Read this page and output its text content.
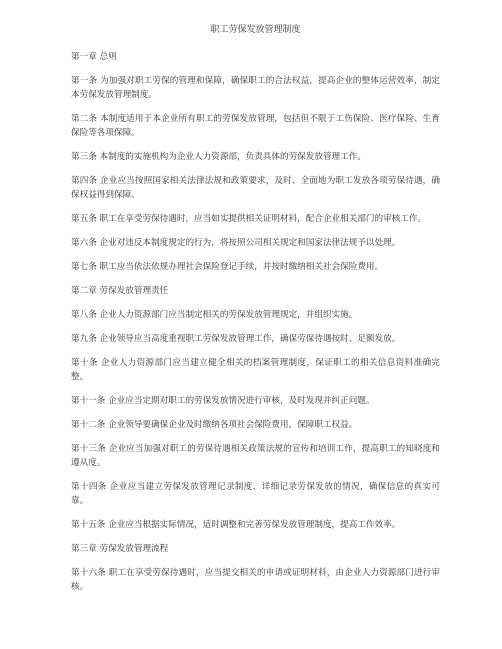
职工劳保发放管理制度
第一章 总则
第一条 为加强对职工劳保的管理和保障，确保职工的合法权益，提高企业的整体运营效率，制定本劳保发放管理制度。
第二条 本制度适用于本企业所有职工的劳保发放管理，包括但不限于工伤保险、医疗保险、生育保险等各项保障。
第三条 本制度的实施机构为企业人力资源部，负责具体的劳保发放管理工作。
第四条 企业应当按照国家相关法律法规和政策要求，及时、全面地为职工发放各项劳保待遇，确保权益得到保障。
第五条 职工在享受劳保待遇时，应当如实提供相关证明材料，配合企业相关部门的审核工作。
第六条 企业对违反本制度规定的行为，将按照公司相关规定和国家法律法规予以处理。
第七条 职工应当依法依规办理社会保险登记手续，并按时缴纳相关社会保险费用。
第二章 劳保发放管理责任
第八条 企业人力资源部门应当制定相关的劳保发放管理规定，并组织实施。
第九条 企业领导应当高度重视职工劳保发放管理工作，确保劳保待遇按时、足额发放。
第十条 企业人力资源部门应当建立健全相关的档案管理制度，保证职工的相关信息资料准确完整。
第十一条 企业应当定期对职工的劳保发放情况进行审核，及时发现并纠正问题。
第十二条 企业领导要确保企业及时缴纳各项社会保险费用，保障职工权益。
第十三条 企业应当加强对职工的劳保待遇相关政策法规的宣传和培训工作，提高职工的知晓度和遵从度。
第十四条 企业应当建立劳保发放管理记录制度，详细记录劳保发放的情况，确保信息的真实可靠。
第十五条 企业应当根据实际情况，适时调整和完善劳保发放管理制度，提高工作效率。
第三章 劳保发放管理流程
第十六条 职工在享受劳保待遇时，应当提交相关的申请或证明材料，由企业人力资源部门进行审核。
